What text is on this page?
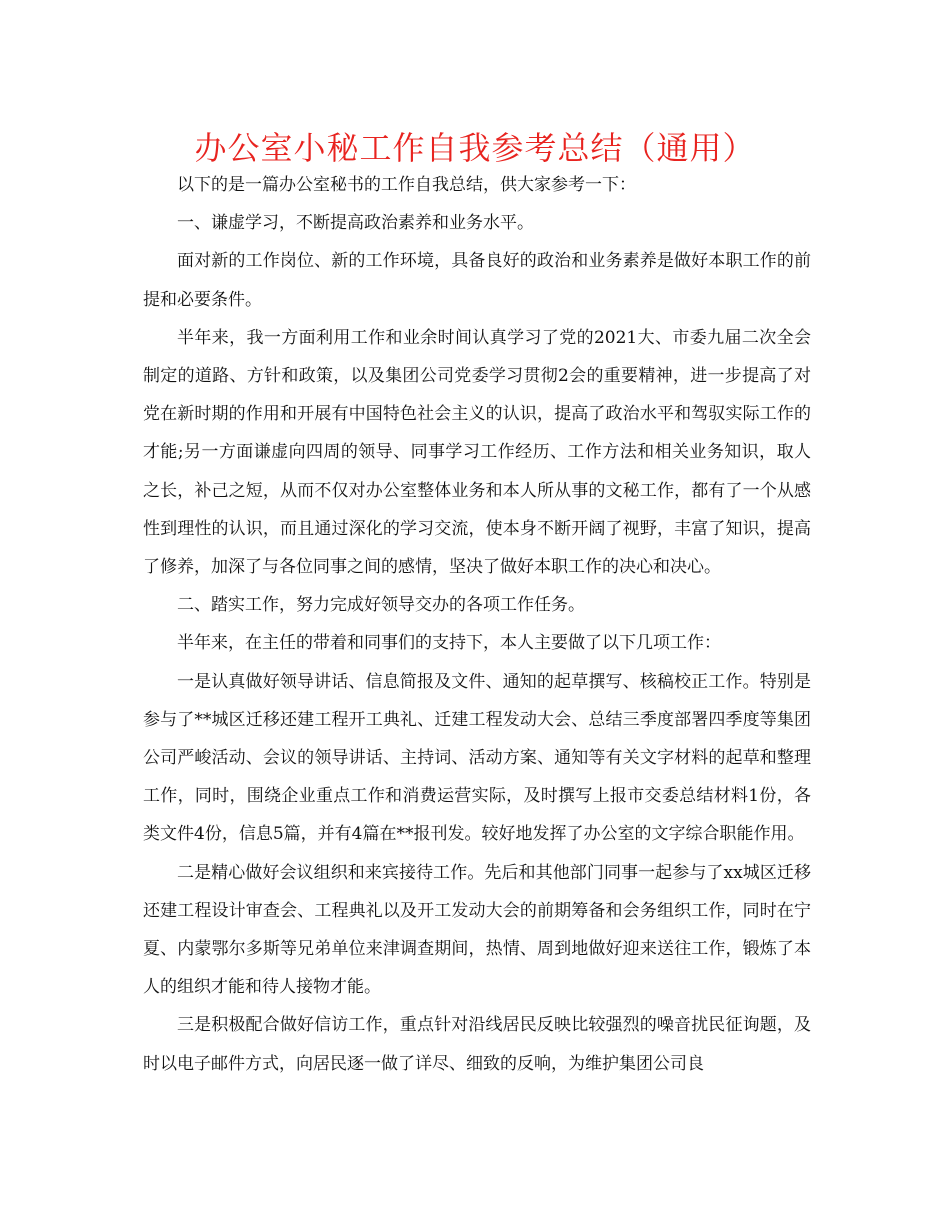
办公室小秘工作自我参考总结（通用）

以下的是一篇办公室秘书的工作自我总结，供大家参考一下：

一、谦虚学习，不断提高政治素养和业务水平。

面对新的工作岗位、新的工作环境，具备良好的政治和业务素养是做好本职工作的前提和必要条件。

半年来，我一方面利用工作和业余时间认真学习了党的2021大、市委九届二次全会制定的道路、方针和政策，以及集团公司党委学习贯彻2会的重要精神，进一步提高了对党在新时期的作用和开展有中国特色社会主义的认识，提高了政治水平和驾驭实际工作的才能;另一方面谦虚向四周的领导、同事学习工作经历、工作方法和相关业务知识，取人之长，补己之短，从而不仅对办公室整体业务和本人所从事的文秘工作，都有了一个从感性到理性的认识，而且通过深化的学习交流，使本身不断开阔了视野，丰富了知识，提高了修养，加深了与各位同事之间的感情，坚决了做好本职工作的决心和决心。

二、踏实工作，努力完成好领导交办的各项工作任务。

半年来，在主任的带着和同事们的支持下，本人主要做了以下几项工作：

一是认真做好领导讲话、信息简报及文件、通知的起草撰写、核稿校正工作。特别是参与了**城区迁移还建工程开工典礼、迁建工程发动大会、总结三季度部署四季度等集团公司严峻活动、会议的领导讲话、主持词、活动方案、通知等有关文字材料的起草和整理工作，同时，围绕企业重点工作和消费运营实际，及时撰写上报市交委总结材料1份，各类文件4份，信息5篇，并有4篇在**报刊发。较好地发挥了办公室的文字综合职能作用。

二是精心做好会议组织和来宾接待工作。先后和其他部门同事一起参与了xx城区迁移还建工程设计审查会、工程典礼以及开工发动大会的前期筹备和会务组织工作，同时在宁夏、内蒙鄂尔多斯等兄弟单位来津调查期间，热情、周到地做好迎来送往工作，锻炼了本人的组织才能和待人接物才能。

三是积极配合做好信访工作，重点针对沿线居民反映比较强烈的噪音扰民征询题，及时以电子邮件方式，向居民逐一做了详尽、细致的反响，为维护集团公司良
